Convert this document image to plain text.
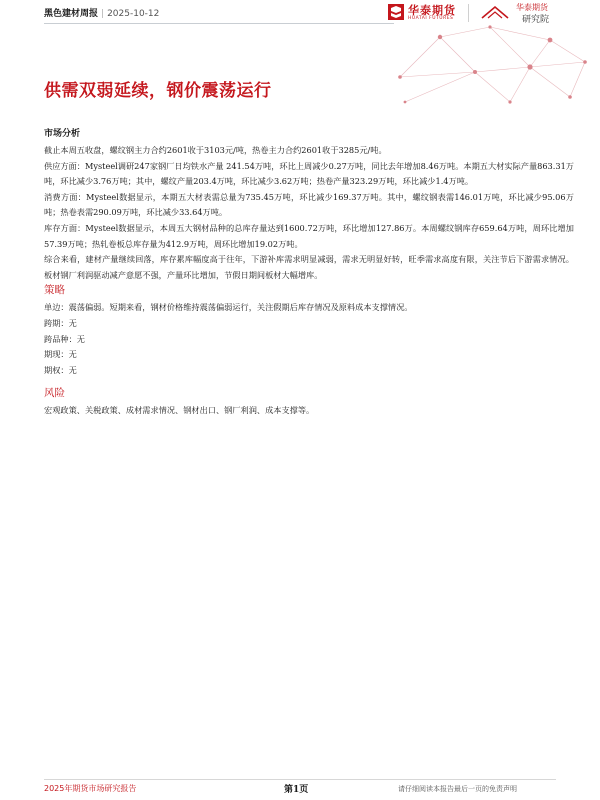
黑色建材周报 | 2025-10-12	华泰期货
HUATAI FUTURES
华泰期货
研究院
供需双弱延续，钢价震荡运行
市场分析

截止本周五收盘，螺纹钢主力合约2601收于3103元/吨，热卷主力合约2601收于3285元/吨。

供应方面：Mysteel调研247家钢厂日均铁水产量 241.54万吨，环比上周减少0.27万吨，同比去年增加8.46万吨。本期五大材实际产量863.31万吨，环比减少3.76万吨；其中，螺纹产量203.4万吨，环比减少3.62万吨；热卷产量323.29万吨，环比减少1.4万吨。

消费方面：Mysteel数据显示，本期五大材表需总量为735.45万吨，环比减少169.37万吨。其中，螺纹钢表需146.01万吨，环比减少95.06万吨；热卷表需290.09万吨，环比减少33.64万吨。

库存方面：Mysteel数据显示，本周五大钢材品种的总库存量达到1600.72万吨，环比增加127.86万。本周螺纹钢库存659.64万吨，周环比增加57.39万吨；热轧卷板总库存量为412.9万吨，周环比增加19.02万吨。

综合来看，建材产量继续回落，库存累库幅度高于往年，下游补库需求明显减弱，需求无明显好转，旺季需求高度有限，关注节后下游需求情况。板材钢厂利润驱动减产意愿不强，产量环比增加，节假日期间板材大幅增库。

策略

单边：震荡偏弱。短期来看，钢材价格维持震荡偏弱运行，关注假期后库存情况及原料成本支撑情况。

跨期：无

跨品种：无

期现：无

期权：无

风险

宏观政策、关税政策、成材需求情况、钢材出口、钢厂利润、成本支撑等。

2025年期货市场研究报告	第1页	请仔细阅读本报告最后一页的免责声明
